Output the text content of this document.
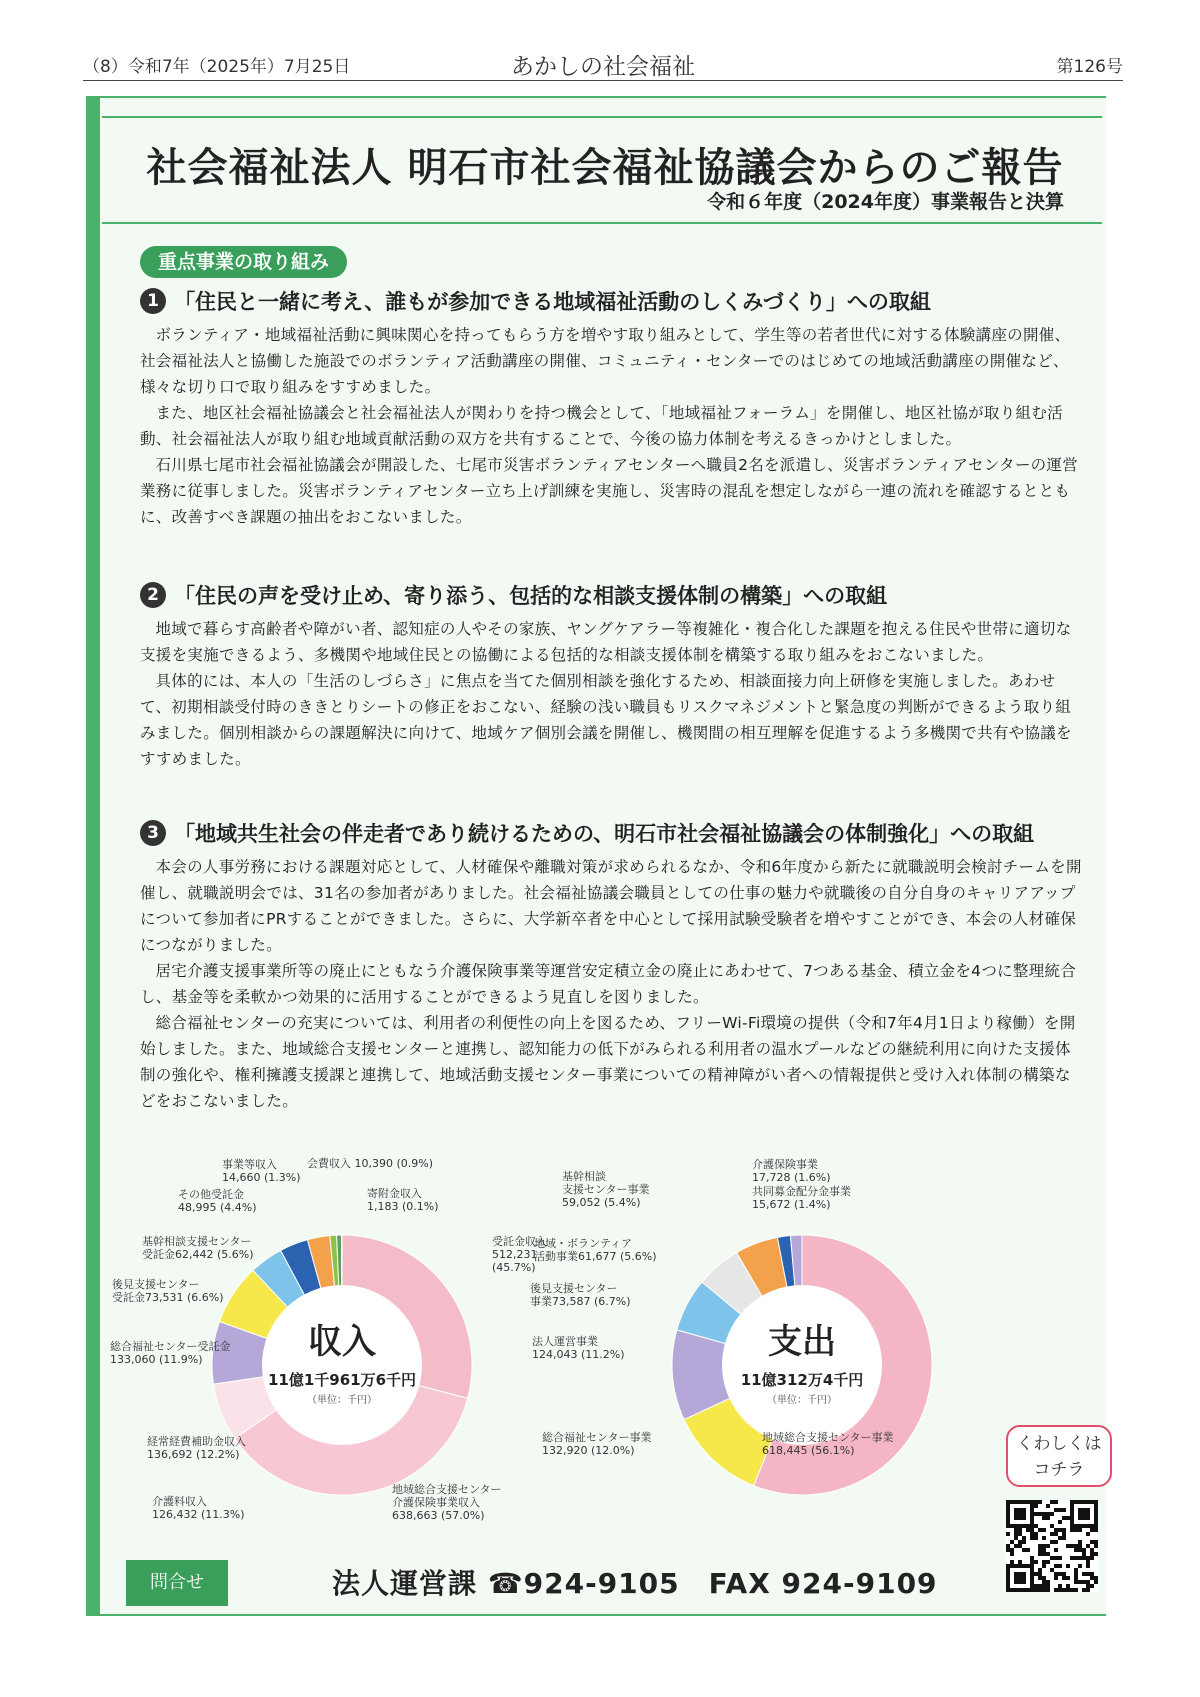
（8）令和7年（2025年）7月25日	あかしの社会福祉	第126号
社会福祉法人 明石市社会福祉協議会からのご報告
令和６年度（2024年度）事業報告と決算
重点事業の取り組み
1 「住民と一緒に考え、誰もが参加できる地域福祉活動のしくみづくり」への取組

ボランティア・地域福祉活動に興味関心を持ってもらう方を増やす取り組みとして、学生等の若者世代に対する体験講座の開催、社会福祉法人と協働した施設でのボランティア活動講座の開催、コミュニティ・センターでのはじめての地域活動講座の開催など、様々な切り口で取り組みをすすめました。

また、地区社会福祉協議会と社会福祉法人が関わりを持つ機会として、「地域福祉フォーラム」を開催し、地区社協が取り組む活動、社会福祉法人が取り組む地域貢献活動の双方を共有することで、今後の協力体制を考えるきっかけとしました。

石川県七尾市社会福祉協議会が開設した、七尾市災害ボランティアセンターへ職員2名を派遣し、災害ボランティアセンターの運営業務に従事しました。災害ボランティアセンター立ち上げ訓練を実施し、災害時の混乱を想定しながら一連の流れを確認するとともに、改善すべき課題の抽出をおこないました。

2 「住民の声を受け止め、寄り添う、包括的な相談支援体制の構築」への取組

地域で暮らす高齢者や障がい者、認知症の人やその家族、ヤングケアラー等複雑化・複合化した課題を抱える住民や世帯に適切な支援を実施できるよう、多機関や地域住民との協働による包括的な相談支援体制を構築する取り組みをおこないました。

具体的には、本人の「生活のしづらさ」に焦点を当てた個別相談を強化するため、相談面接力向上研修を実施しました。あわせて、初期相談受付時のききとりシートの修正をおこない、経験の浅い職員もリスクマネジメントと緊急度の判断ができるよう取り組みました。個別相談からの課題解決に向けて、地域ケア個別会議を開催し、機関間の相互理解を促進するよう多機関で共有や協議をすすめました。

3 「地域共生社会の伴走者であり続けるための、明石市社会福祉協議会の体制強化」への取組

本会の人事労務における課題対応として、人材確保や離職対策が求められるなか、令和6年度から新たに就職説明会検討チームを開催し、就職説明会では、31名の参加者がありました。社会福祉協議会職員としての仕事の魅力や就職後の自分自身のキャリアアップについて参加者にPRすることができました。さらに、大学新卒者を中心として採用試験受験者を増やすことができ、本会の人材確保につながりました。

居宅介護支援事業所等の廃止にともなう介護保険事業等運営安定積立金の廃止にあわせて、7つある基金、積立金を4つに整理統合し、基金等を柔軟かつ効果的に活用することができるよう見直しを図りました。

総合福祉センターの充実については、利用者の利便性の向上を図るため、フリーWi-Fi環境の提供（令和7年4月1日より稼働）を開始しました。また、地域総合支援センターと連携し、認知能力の低下がみられる利用者の温水プールなどの継続利用に向けた支援体制の強化や、権利擁護支援課と連携して、地域活動支援センター事業についての精神障がい者への情報提供と受け入れ体制の構築などをおこないました。

収入
11億1千961万6千円
（単位：千円）
支出
11億312万4千円
（単位：千円）
会費収入 10,390 (0.9%)
事業等収入
14,660 (1.3%)
その他受託金
48,995 (4.4%)
基幹相談支援センター
受託金62,442 (5.6%)
後見支援センター
受託金73,531 (6.6%)
総合福祉センター受託金
133,060 (11.9%)
経常経費補助金収入
136,692 (12.2%)
介護料収入
126,432 (11.3%)
寄附金収入
1,183 (0.1%)
受託金収入
512,231
(45.7%)
地域総合支援センター
介護保険事業収入
638,663 (57.0%)
介護保険事業
17,728 (1.6%)
共同募金配分金事業
15,672 (1.4%)
基幹相談
支援センター事業
59,052 (5.4%)
地域・ボランティア
活動事業61,677 (5.6%)
後見支援センター
事業73,587 (6.7%)
法人運営事業
124,043 (11.2%)
総合福祉センター事業
132,920 (12.0%)
地域総合支援センター事業
618,445 (56.1%)	くわしくは
コチラ
問合せ	法人運営課 ☎924-9105　FAX 924-9109
